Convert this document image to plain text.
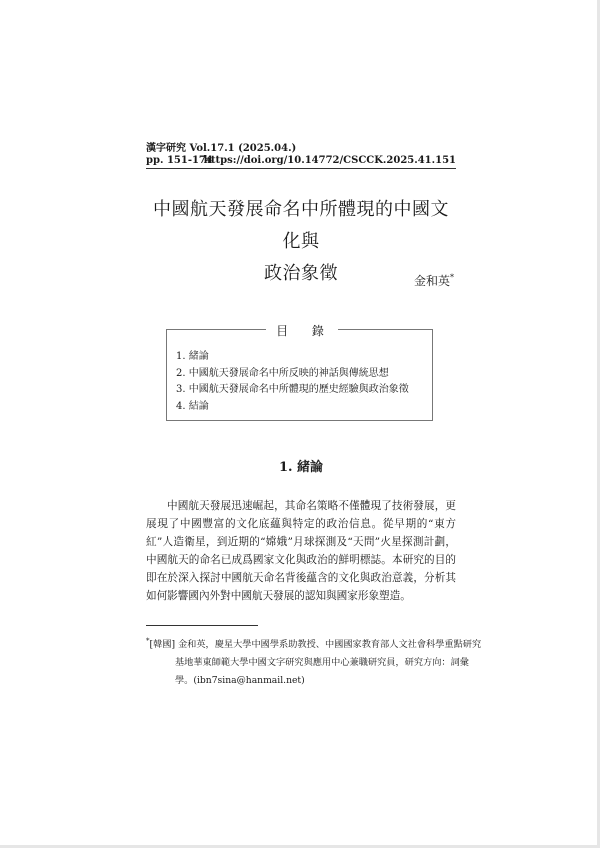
漢字研究 Vol.17.1 (2025.04.)
pp. 151-174
https://doi.org/10.14772/CSCCK.2025.41.151
中國航天發展命名中所體現的中國文化與
政治象徵	金和英*
目 錄
1. 緒論
2. 中國航天發展命名中所反映的神話與傳統思想
3. 中國航天發展命名中所體現的歷史經驗與政治象徵
4. 結論
1. 緒論

中國航天發展迅速崛起，其命名策略不僅體現了技術發展，更展現了中國豐富的文化底蘊與特定的政治信息。從早期的“東方紅”人造衛星，到近期的“嫦娥”月球探測及“天問”火星探測計劃，中國航天的命名已成爲國家文化與政治的鮮明標誌。本研究的目的即在於深入探討中國航天命名背後蘊含的文化與政治意義，分析其如何影響國內外對中國航天發展的認知與國家形象塑造。

*[韓國] 金和英，慶星大學中國學系助教授、中國國家教育部人文社會科學重點研究基地華東師範大學中國文字研究與應用中心兼職研究員，研究方向：詞彙學。(ibn7sina@hanmail.net)
